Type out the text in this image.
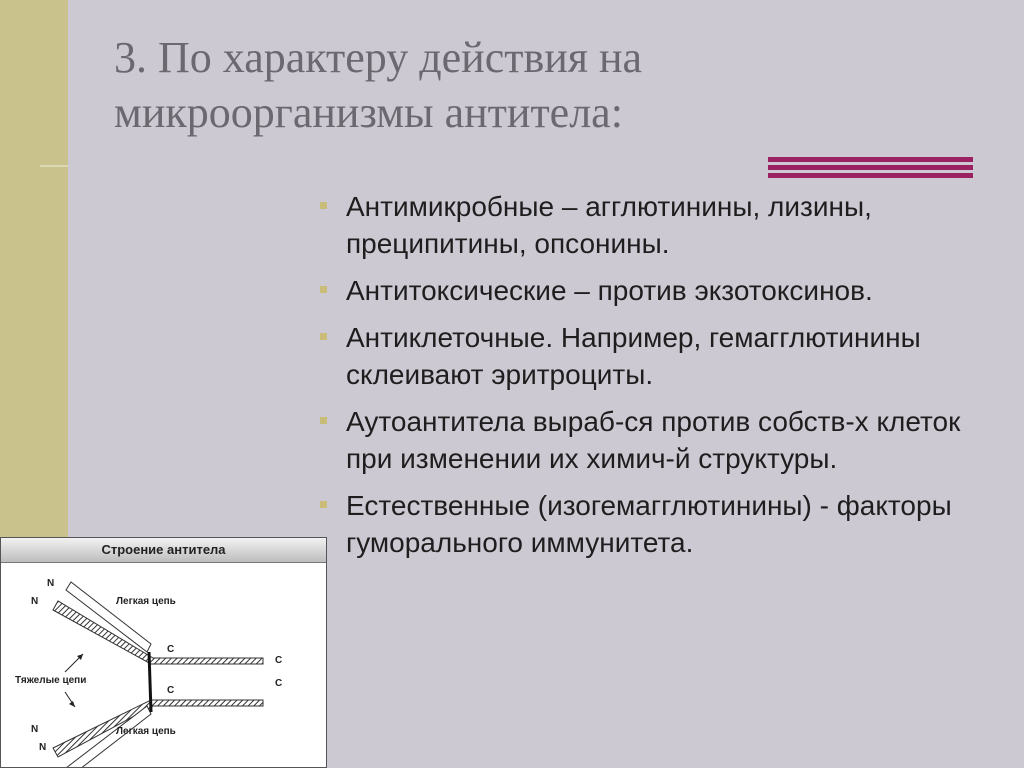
3. По характеру действия на
микроорганизмы антитела:
Антимикробные – агглютинины, лизины, преципитины, опсонины.
Антитоксические – против экзотоксинов.
Антиклеточные. Например, гемагглютинины склеивают эритроциты.
Аутоантитела выраб-ся против собств-х клеток при изменении их химич-й структуры.
Естественные (изогемагглютинины) - факторы гуморального иммунитета.
Строение антитела
N
N	Легкая цепь
C
C
Тяжелые цепи	C
C
N	Легкая цепь
N
